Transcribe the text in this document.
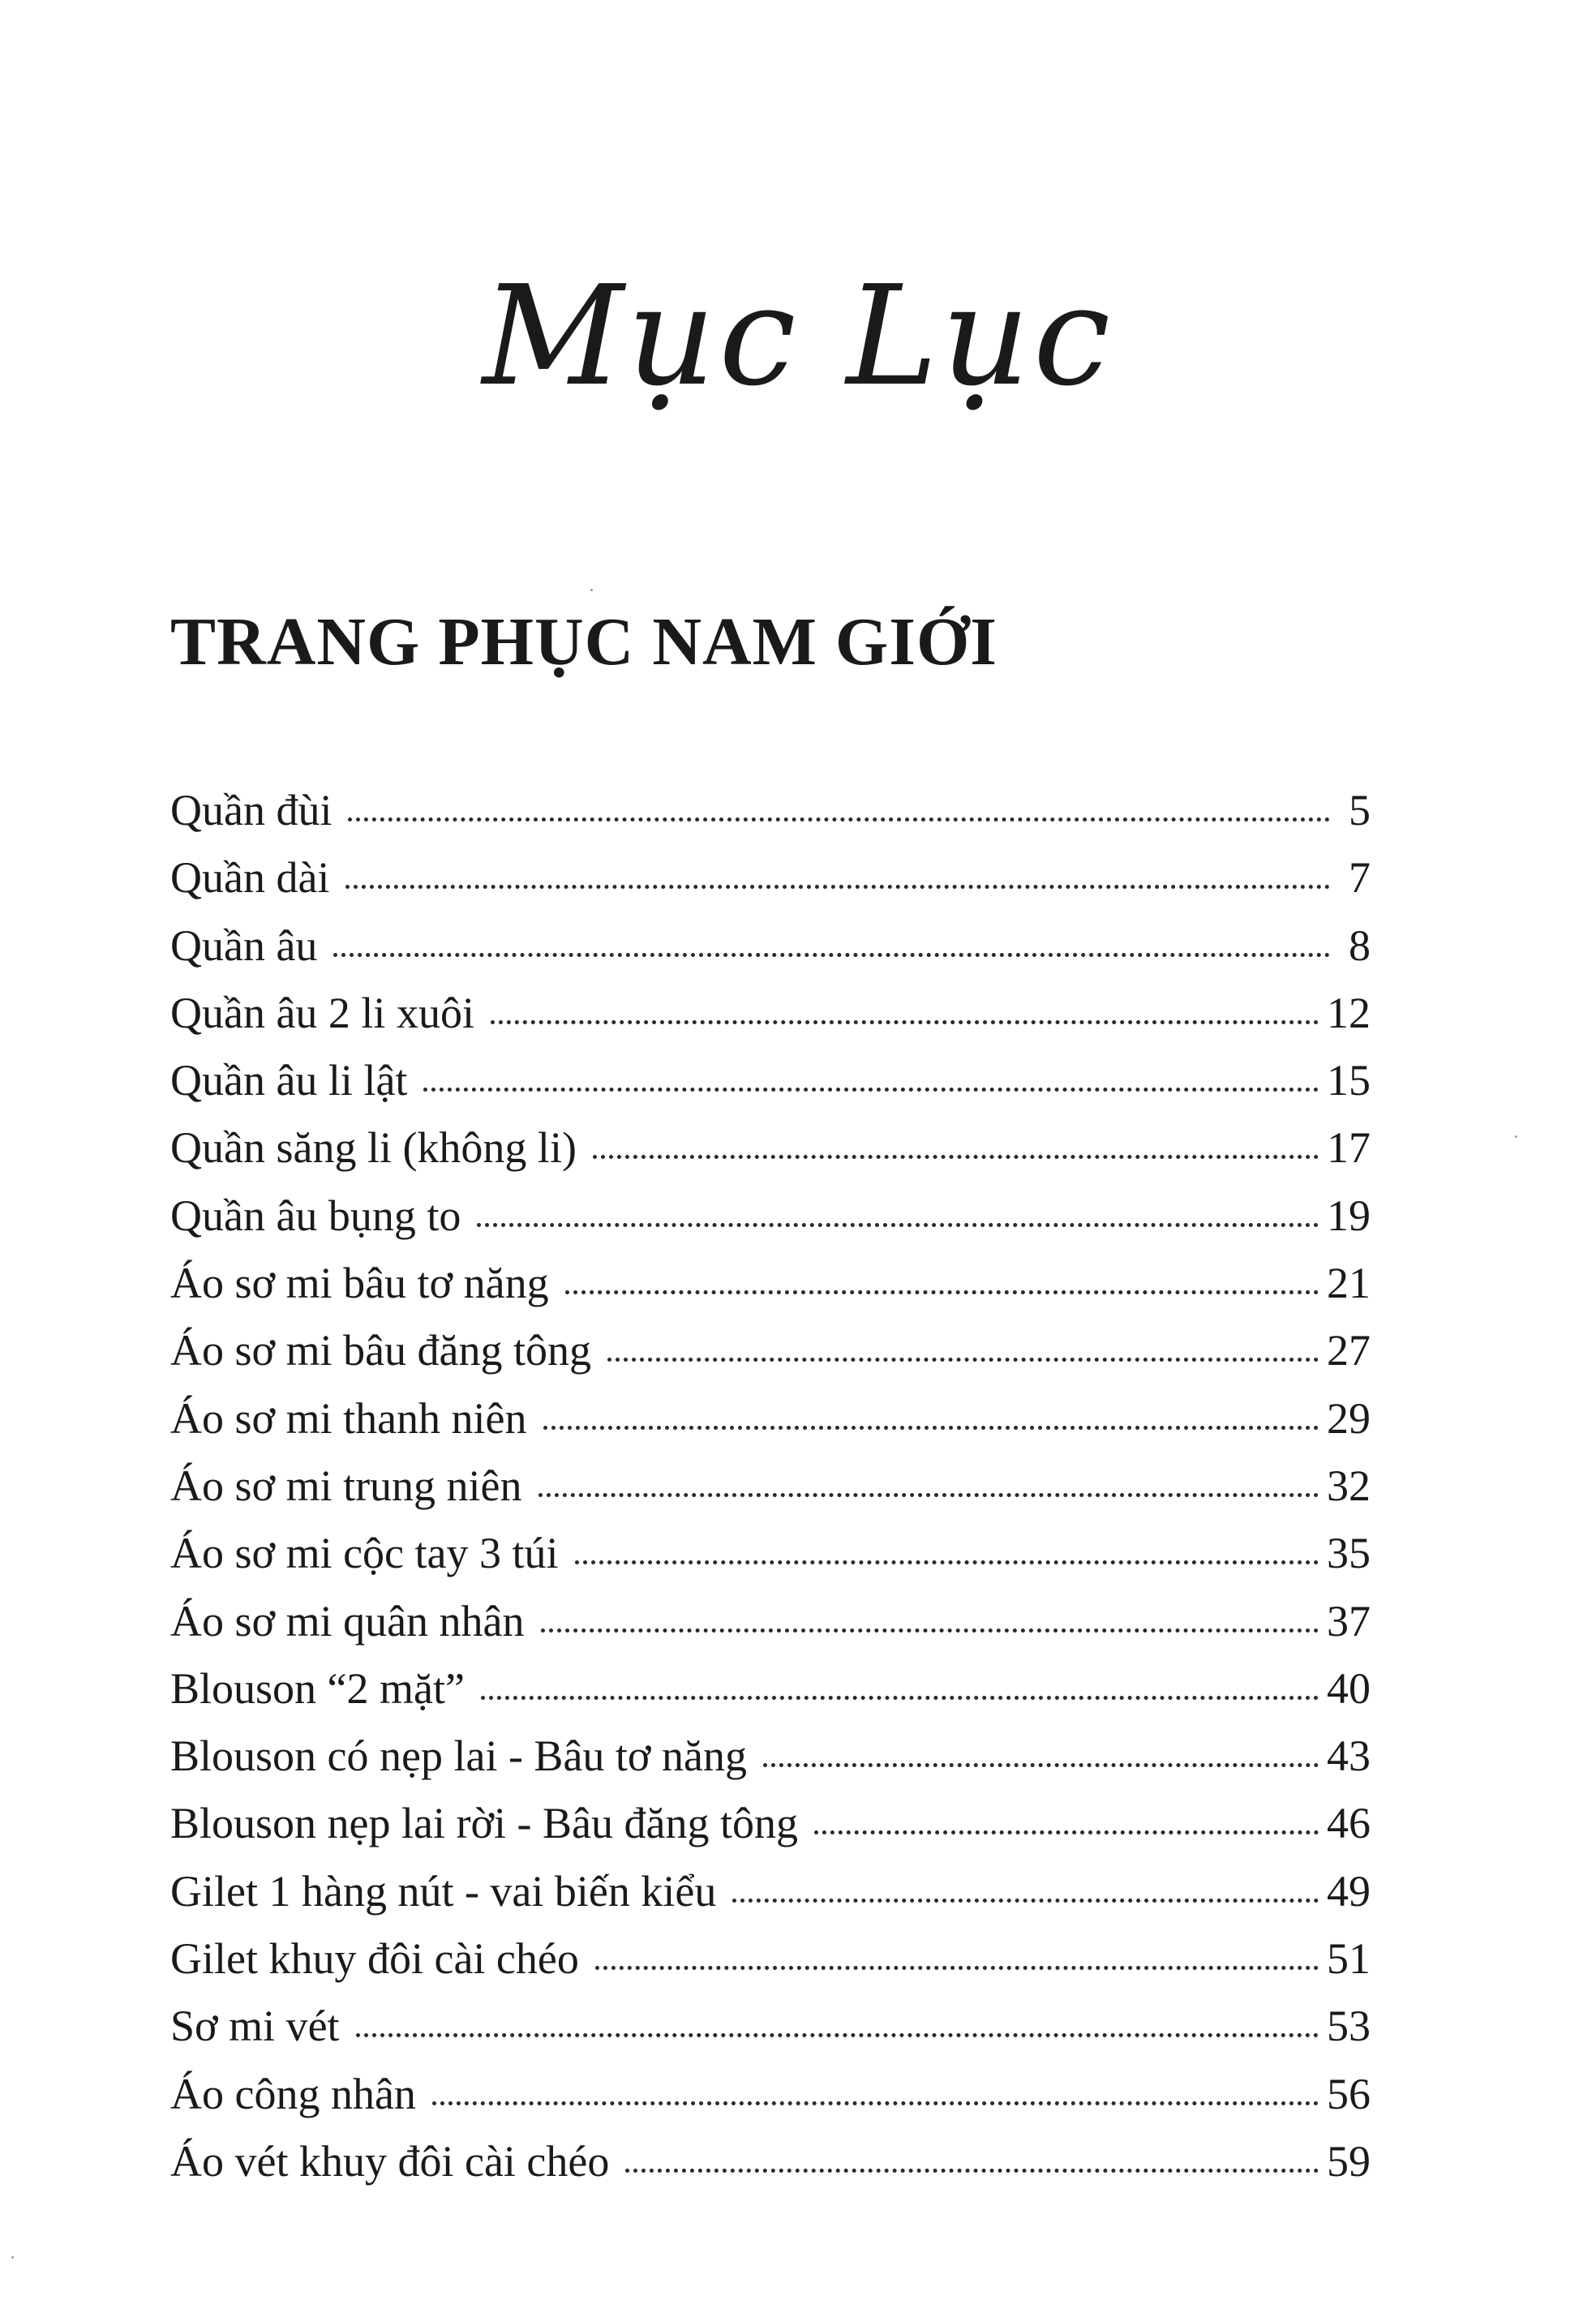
Mục Lục
TRANG PHỤC NAM GIỚI
Quần đùi	5
Quần dài	7
Quần âu	8
Quần âu 2 li xuôi	12
Quần âu li lật	15
Quần săng li (không li)	17
Quần âu bụng to	19
Áo sơ mi bâu tơ năng	21
Áo sơ mi bâu đăng tông	27
Áo sơ mi thanh niên	29
Áo sơ mi trung niên	32
Áo sơ mi cộc tay 3 túi	35
Áo sơ mi quân nhân	37
Blouson “2 mặt”	40
Blouson có nẹp lai - Bâu tơ năng	43
Blouson nẹp lai rời - Bâu đăng tông	46
Gilet 1 hàng nút - vai biến kiểu	49
Gilet khuy đôi cài chéo	51
Sơ mi vét	53
Áo công nhân	56
Áo vét khuy đôi cài chéo	59
